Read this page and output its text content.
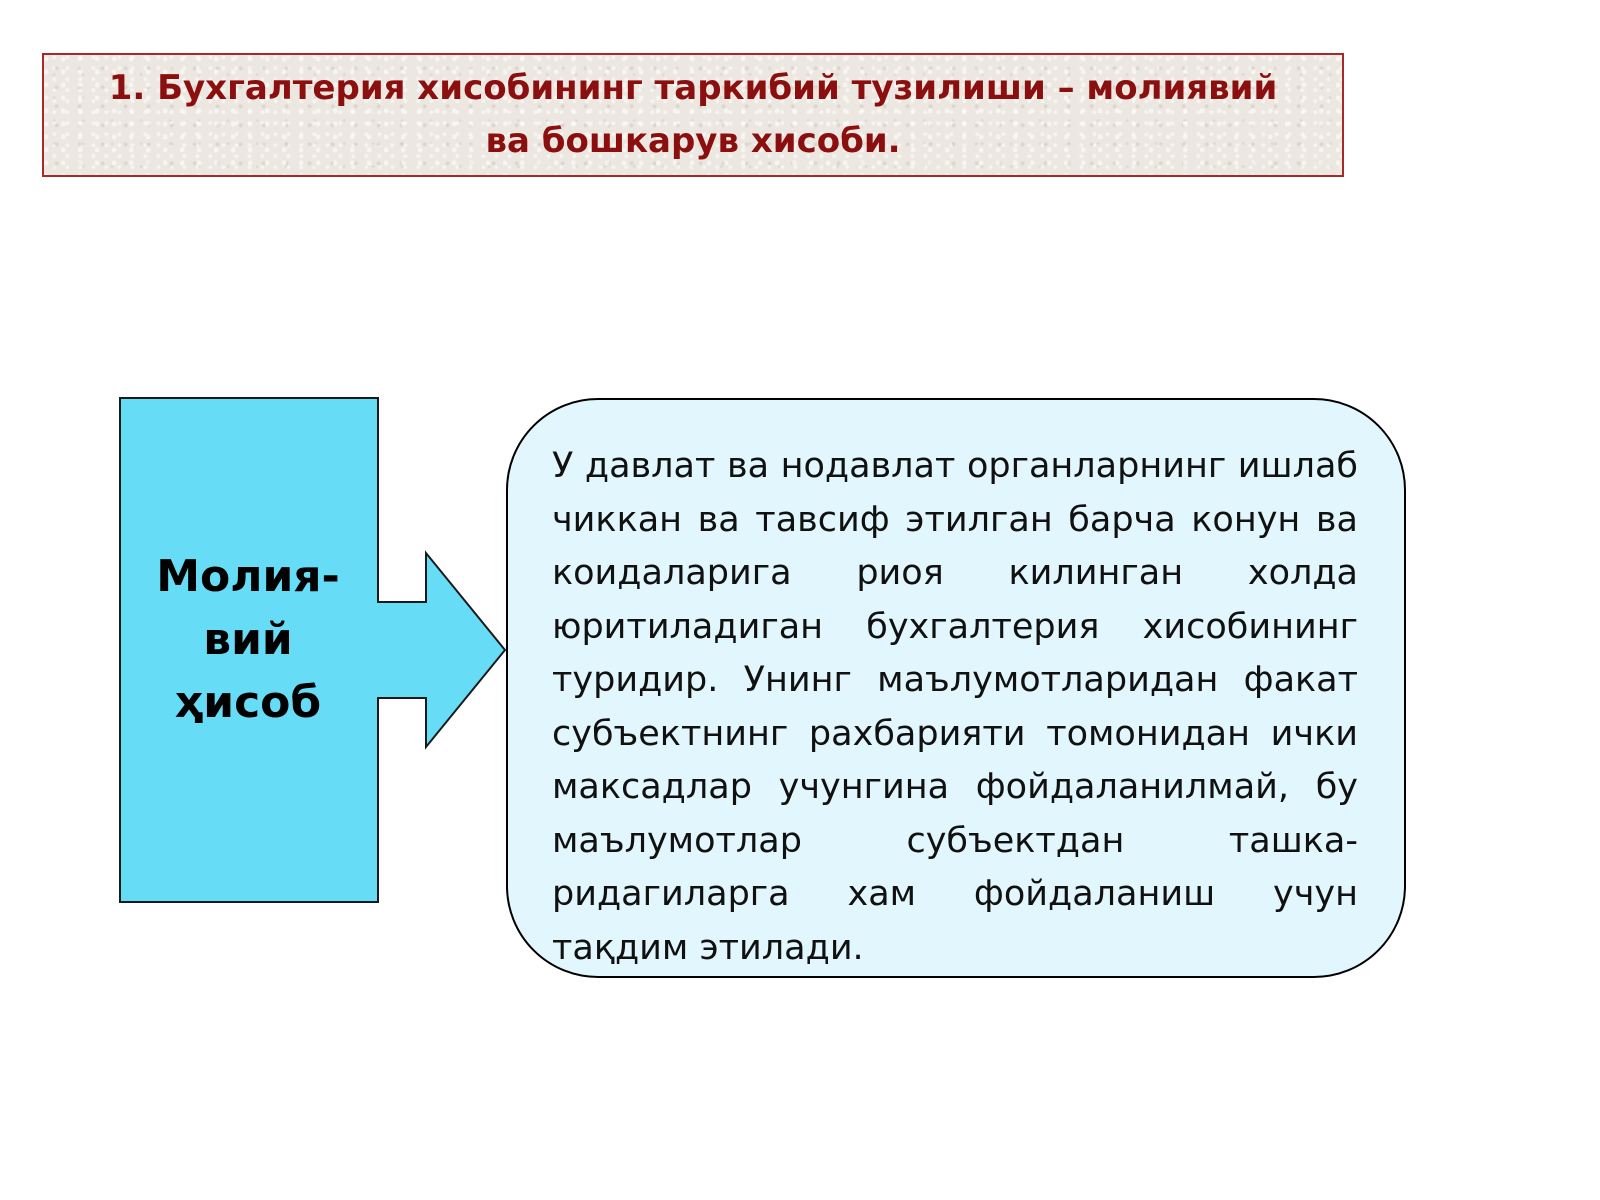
1. Бухгалтерия хисобининг таркибий тузилиши – молиявий ва бошкарув хисоби.
Молия-
вий
ҳисоб
У давлат ва нодавлат органларнинг ишлаб чиккан ва тавсиф этилган барча конун ва коидаларига риоя килинган холда юритиладиган бухгалтерия хисобининг туридир. Унинг маълумотларидан факат субъектнинг рахбарияти томонидан ички максадлар учунгина фойдаланилмай, бу маълумотлар субъектдан ташка-ридагиларга хам фойдаланиш учун тақдим этилади.
